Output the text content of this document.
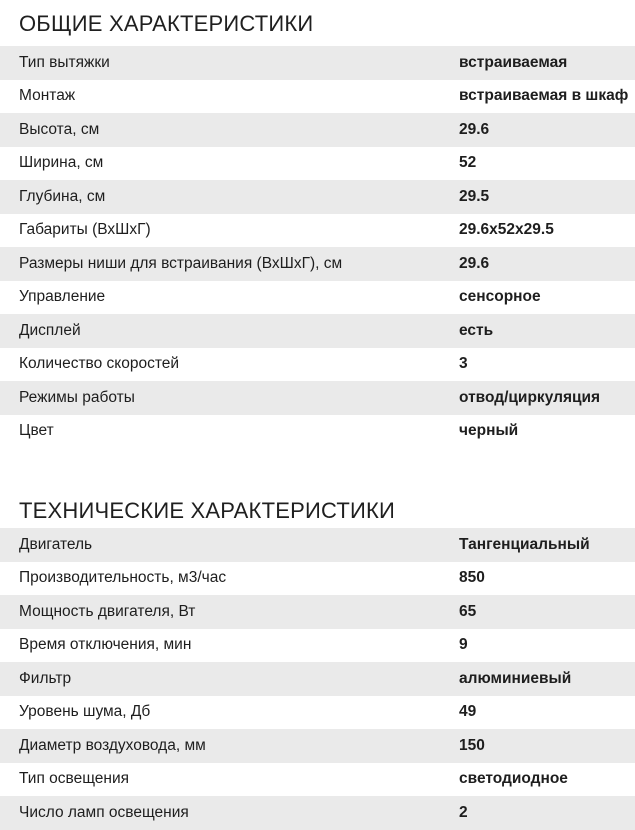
ОБЩИЕ ХАРАКТЕРИСТИКИ
Тип вытяжки	встраиваемая
Монтаж	встраиваемая в шкаф
Высота, см	29.6
Ширина, см	52
Глубина, см	29.5
Габариты (ВхШхГ)	29.6x52x29.5
Размеры ниши для встраивания (ВхШхГ), см	29.6
Управление	сенсорное
Дисплей	есть
Количество скоростей	3
Режимы работы	отвод/циркуляция
Цвет	черный
ТЕХНИЧЕСКИЕ ХАРАКТЕРИСТИКИ
Двигатель	Тангенциальный
Производительность, м3/час	850
Мощность двигателя, Вт	65
Время отключения, мин	9
Фильтр	алюминиевый
Уровень шума, Дб	49
Диаметр воздуховода, мм	150
Тип освещения	светодиодное
Число ламп освещения	2
